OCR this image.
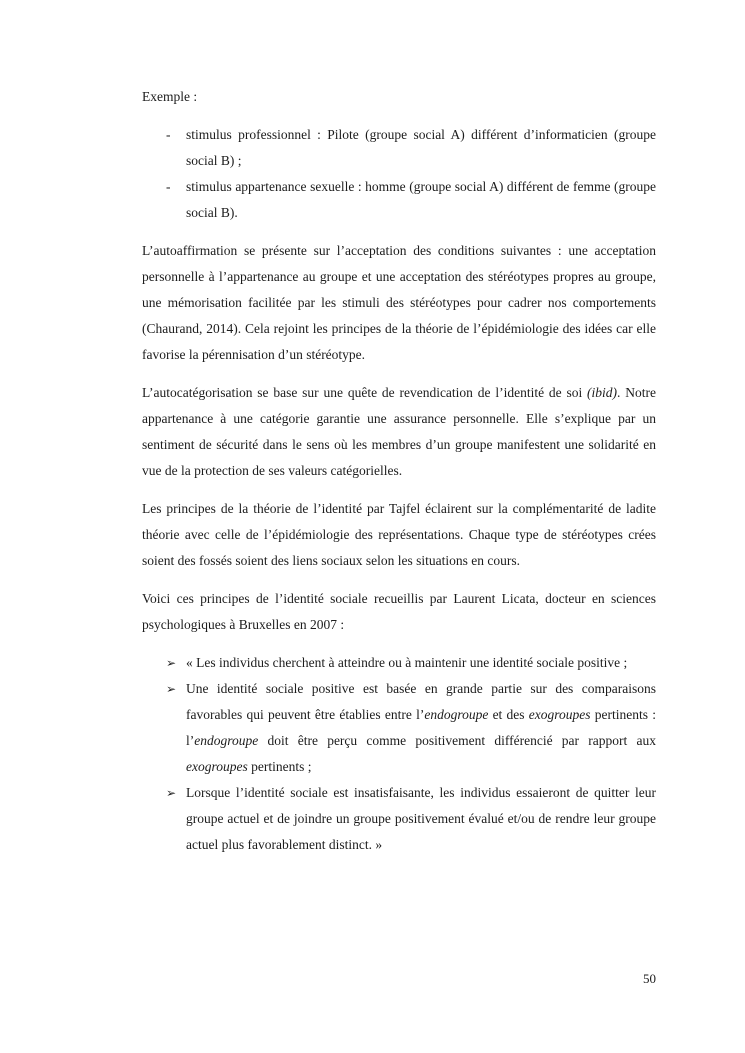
Exemple :

-	stimulus professionnel : Pilote (groupe social A) différent d’informaticien (groupe social B) ;
-	stimulus appartenance sexuelle : homme (groupe social A) différent de femme (groupe social B).

L’autoaffirmation se présente sur l’acceptation des conditions suivantes : une acceptation personnelle à l’appartenance au groupe et une acceptation des stéréotypes propres au groupe, une mémorisation facilitée par les stimuli des stéréotypes pour cadrer nos comportements (Chaurand, 2014). Cela rejoint les principes de la théorie de l’épidémiologie des idées car elle favorise la pérennisation d’un stéréotype.

L’autocatégorisation se base sur une quête de revendication de l’identité de soi (ibid). Notre appartenance à une catégorie garantie une assurance personnelle. Elle s’explique par un sentiment de sécurité dans le sens où les membres d’un groupe manifestent une solidarité en vue de la protection de ses valeurs catégorielles.

Les principes de la théorie de l’identité par Tajfel éclairent sur la complémentarité de ladite théorie avec celle de l’épidémiologie des représentations. Chaque type de stéréotypes crées soient des fossés soient des liens sociaux selon les situations en cours.

Voici ces principes de l’identité sociale recueillis par Laurent Licata, docteur en sciences psychologiques à Bruxelles en 2007 :

➢ « Les individus cherchent à atteindre ou à maintenir une identité sociale positive ;
➢ Une identité sociale positive est basée en grande partie sur des comparaisons favorables qui peuvent être établies entre l’endogroupe et des exogroupes pertinents : l’endogroupe doit être perçu comme positivement différencié par rapport aux exogroupes pertinents ;
➢ Lorsque l’identité sociale est insatisfaisante, les individus essaieront de quitter leur groupe actuel et de joindre un groupe positivement évalué et/ou de rendre leur groupe actuel plus favorablement distinct. »
50
